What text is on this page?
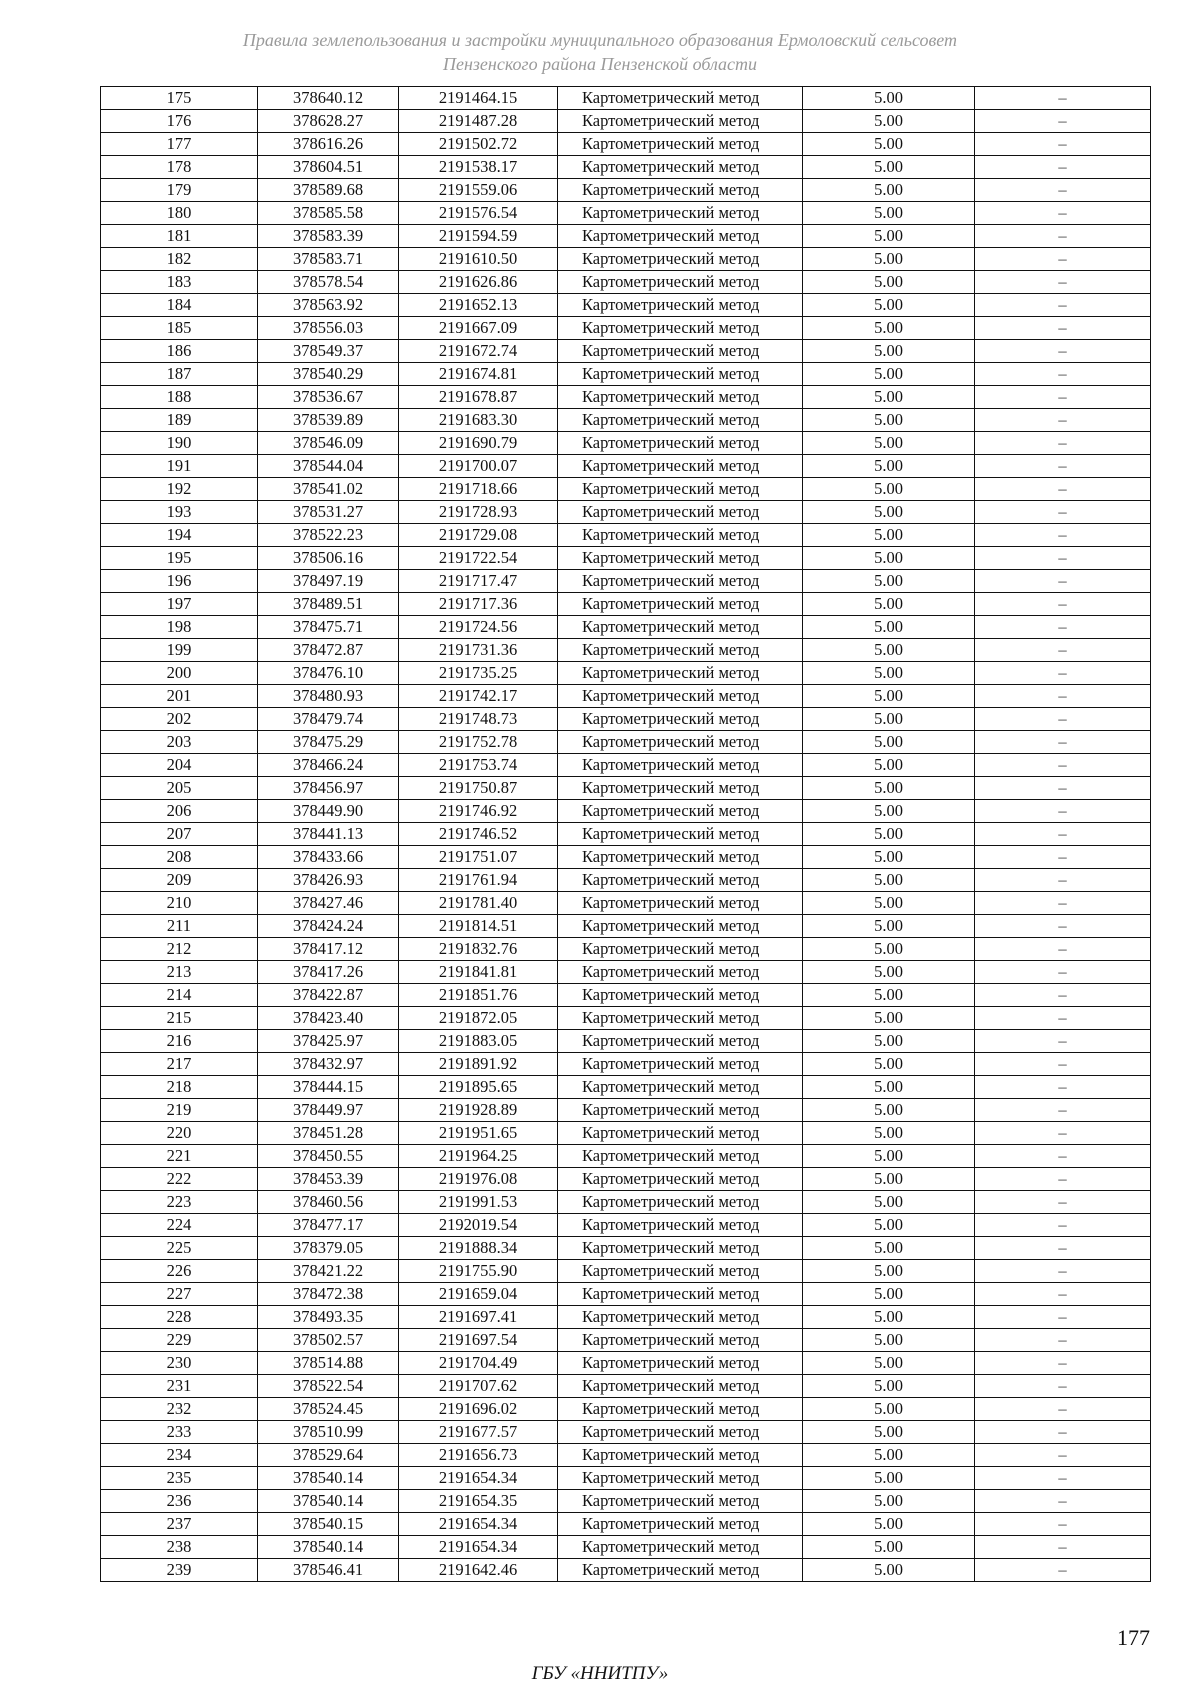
Правила землепользования и застройки муниципального образования Ермоловский сельсовет
Пензенского района Пензенской области
175	378640.12	2191464.15	Картометрический метод	5.00	–
176	378628.27	2191487.28	Картометрический метод	5.00	–
177	378616.26	2191502.72	Картометрический метод	5.00	–
178	378604.51	2191538.17	Картометрический метод	5.00	–
179	378589.68	2191559.06	Картометрический метод	5.00	–
180	378585.58	2191576.54	Картометрический метод	5.00	–
181	378583.39	2191594.59	Картометрический метод	5.00	–
182	378583.71	2191610.50	Картометрический метод	5.00	–
183	378578.54	2191626.86	Картометрический метод	5.00	–
184	378563.92	2191652.13	Картометрический метод	5.00	–
185	378556.03	2191667.09	Картометрический метод	5.00	–
186	378549.37	2191672.74	Картометрический метод	5.00	–
187	378540.29	2191674.81	Картометрический метод	5.00	–
188	378536.67	2191678.87	Картометрический метод	5.00	–
189	378539.89	2191683.30	Картометрический метод	5.00	–
190	378546.09	2191690.79	Картометрический метод	5.00	–
191	378544.04	2191700.07	Картометрический метод	5.00	–
192	378541.02	2191718.66	Картометрический метод	5.00	–
193	378531.27	2191728.93	Картометрический метод	5.00	–
194	378522.23	2191729.08	Картометрический метод	5.00	–
195	378506.16	2191722.54	Картометрический метод	5.00	–
196	378497.19	2191717.47	Картометрический метод	5.00	–
197	378489.51	2191717.36	Картометрический метод	5.00	–
198	378475.71	2191724.56	Картометрический метод	5.00	–
199	378472.87	2191731.36	Картометрический метод	5.00	–
200	378476.10	2191735.25	Картометрический метод	5.00	–
201	378480.93	2191742.17	Картометрический метод	5.00	–
202	378479.74	2191748.73	Картометрический метод	5.00	–
203	378475.29	2191752.78	Картометрический метод	5.00	–
204	378466.24	2191753.74	Картометрический метод	5.00	–
205	378456.97	2191750.87	Картометрический метод	5.00	–
206	378449.90	2191746.92	Картометрический метод	5.00	–
207	378441.13	2191746.52	Картометрический метод	5.00	–
208	378433.66	2191751.07	Картометрический метод	5.00	–
209	378426.93	2191761.94	Картометрический метод	5.00	–
210	378427.46	2191781.40	Картометрический метод	5.00	–
211	378424.24	2191814.51	Картометрический метод	5.00	–
212	378417.12	2191832.76	Картометрический метод	5.00	–
213	378417.26	2191841.81	Картометрический метод	5.00	–
214	378422.87	2191851.76	Картометрический метод	5.00	–
215	378423.40	2191872.05	Картометрический метод	5.00	–
216	378425.97	2191883.05	Картометрический метод	5.00	–
217	378432.97	2191891.92	Картометрический метод	5.00	–
218	378444.15	2191895.65	Картометрический метод	5.00	–
219	378449.97	2191928.89	Картометрический метод	5.00	–
220	378451.28	2191951.65	Картометрический метод	5.00	–
221	378450.55	2191964.25	Картометрический метод	5.00	–
222	378453.39	2191976.08	Картометрический метод	5.00	–
223	378460.56	2191991.53	Картометрический метод	5.00	–
224	378477.17	2192019.54	Картометрический метод	5.00	–
225	378379.05	2191888.34	Картометрический метод	5.00	–
226	378421.22	2191755.90	Картометрический метод	5.00	–
227	378472.38	2191659.04	Картометрический метод	5.00	–
228	378493.35	2191697.41	Картометрический метод	5.00	–
229	378502.57	2191697.54	Картометрический метод	5.00	–
230	378514.88	2191704.49	Картометрический метод	5.00	–
231	378522.54	2191707.62	Картометрический метод	5.00	–
232	378524.45	2191696.02	Картометрический метод	5.00	–
233	378510.99	2191677.57	Картометрический метод	5.00	–
234	378529.64	2191656.73	Картометрический метод	5.00	–
235	378540.14	2191654.34	Картометрический метод	5.00	–
236	378540.14	2191654.35	Картометрический метод	5.00	–
237	378540.15	2191654.34	Картометрический метод	5.00	–
238	378540.14	2191654.34	Картометрический метод	5.00	–
239	378546.41	2191642.46	Картометрический метод	5.00	–
177
ГБУ «ННИТПУ»
